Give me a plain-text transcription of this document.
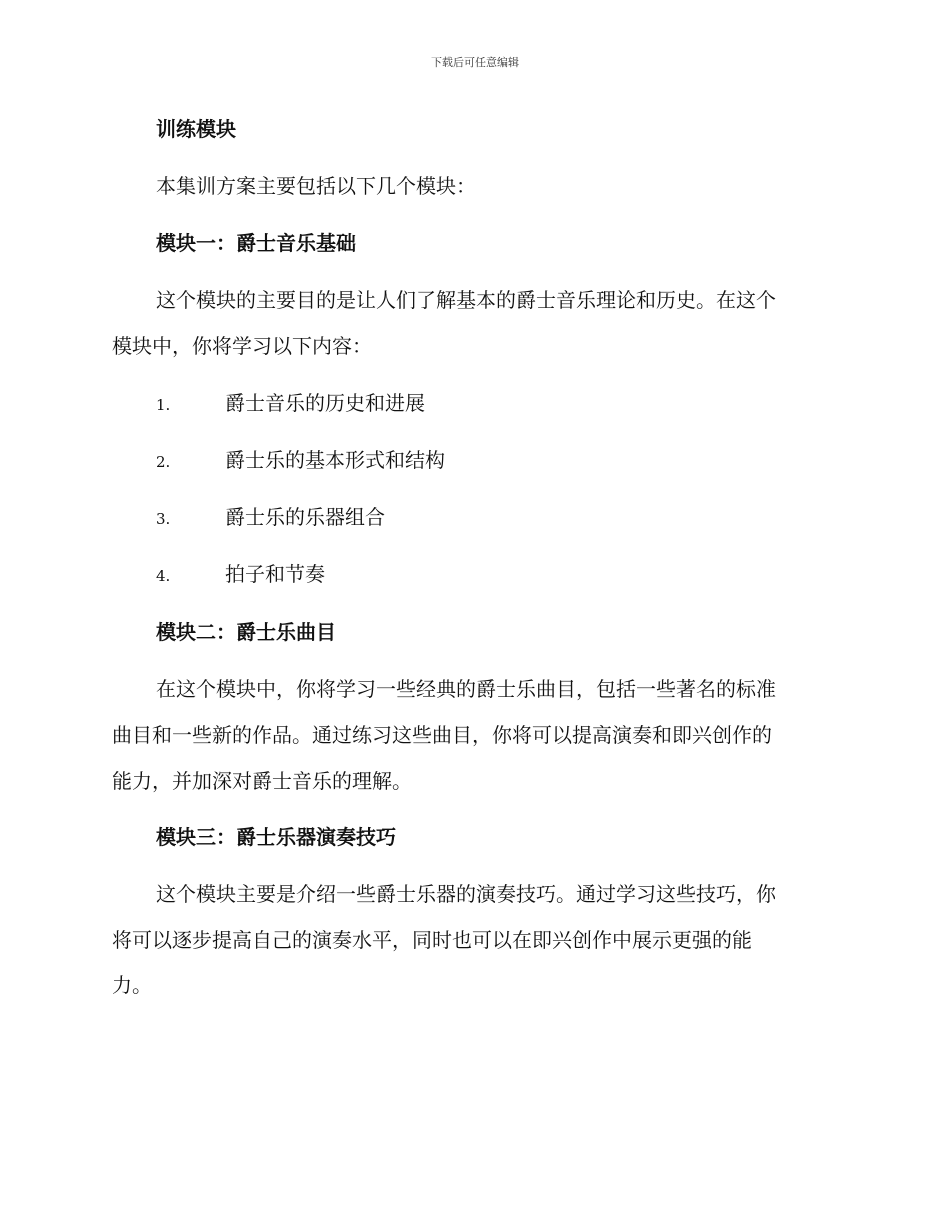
下载后可任意编辑
训练模块
本集训方案主要包括以下几个模块：
模块一：爵士音乐基础
这个模块的主要目的是让人们了解基本的爵士音乐理论和历史。在这个
模块中，你将学习以下内容：
1.	爵士音乐的历史和进展
2.	爵士乐的基本形式和结构
3.	爵士乐的乐器组合
4.	拍子和节奏
模块二：爵士乐曲目
在这个模块中，你将学习一些经典的爵士乐曲目，包括一些著名的标准
曲目和一些新的作品。通过练习这些曲目，你将可以提高演奏和即兴创作的
能力，并加深对爵士音乐的理解。
模块三：爵士乐器演奏技巧
这个模块主要是介绍一些爵士乐器的演奏技巧。通过学习这些技巧，你
将可以逐步提高自己的演奏水平，同时也可以在即兴创作中展示更强的能
力。
